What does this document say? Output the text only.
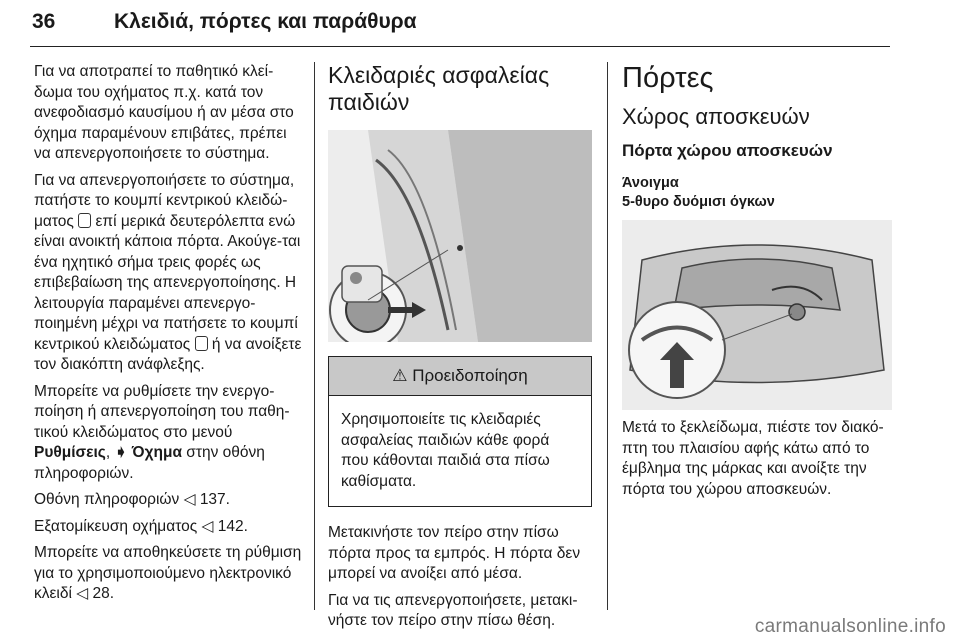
36	Κλειδιά, πόρτες και παράθυρα

Για να αποτραπεί το παθητικό κλεί-δωμα του οχήματος π.χ. κατά τον ανεφοδιασμό καυσίμου ή αν μέσα στο όχημα παραμένουν επιβάτες, πρέπει να απενεργοποιήσετε το σύστημα.

Για να απενεργοποιήσετε το σύστημα, πατήστε το κουμπί κεντρικού κλειδώ-ματος επί μερικά δευτερόλεπτα ενώ είναι ανοικτή κάποια πόρτα. Ακούγε-ται ένα ηχητικό σήμα τρεις φορές ως επιβεβαίωση της απενεργοποίησης. Η λειτουργία παραμένει απενεργο-ποιημένη μέχρι να πατήσετε το κουμπί κεντρικού κλειδώματος ή να ανοίξετε τον διακόπτη ανάφλεξης.

Μπορείτε να ρυθμίσετε την ενεργο-ποίηση ή απενεργοποίηση του παθη-τικού κλειδώματος στο μενού Ρυθμίσεις, ➧ Όχημα στην οθόνη πληροφοριών.

Οθόνη πληροφοριών ◁ 137.

Εξατομίκευση οχήματος ◁ 142.

Μπορείτε να αποθηκεύσετε τη ρύθμιση για το χρησιμοποιούμενο ηλεκτρονικό κλειδί ◁ 28.

Κλειδαριές ασφαλείας παιδιών
⚠ Προειδοποίηση
Χρησιμοποιείτε τις κλειδαριές ασφαλείας παιδιών κάθε φορά που κάθονται παιδιά στα πίσω καθίσματα.

Μετακινήστε τον πείρο στην πίσω πόρτα προς τα εμπρός. Η πόρτα δεν μπορεί να ανοίξει από μέσα.

Για να τις απενεργοποιήσετε, μετακι-νήστε τον πείρο στην πίσω θέση.

Πόρτες
Χώρος αποσκευών
Πόρτα χώρου αποσκευών
Άνοιγμα
5-θυρο δυόμισι όγκων

Μετά το ξεκλείδωμα, πιέστε τον διακό-πτη του πλαισίου αφής κάτω από το έμβλημα της μάρκας και ανοίξτε την πόρτα του χώρου αποσκευών.

carmanualsonline.info
